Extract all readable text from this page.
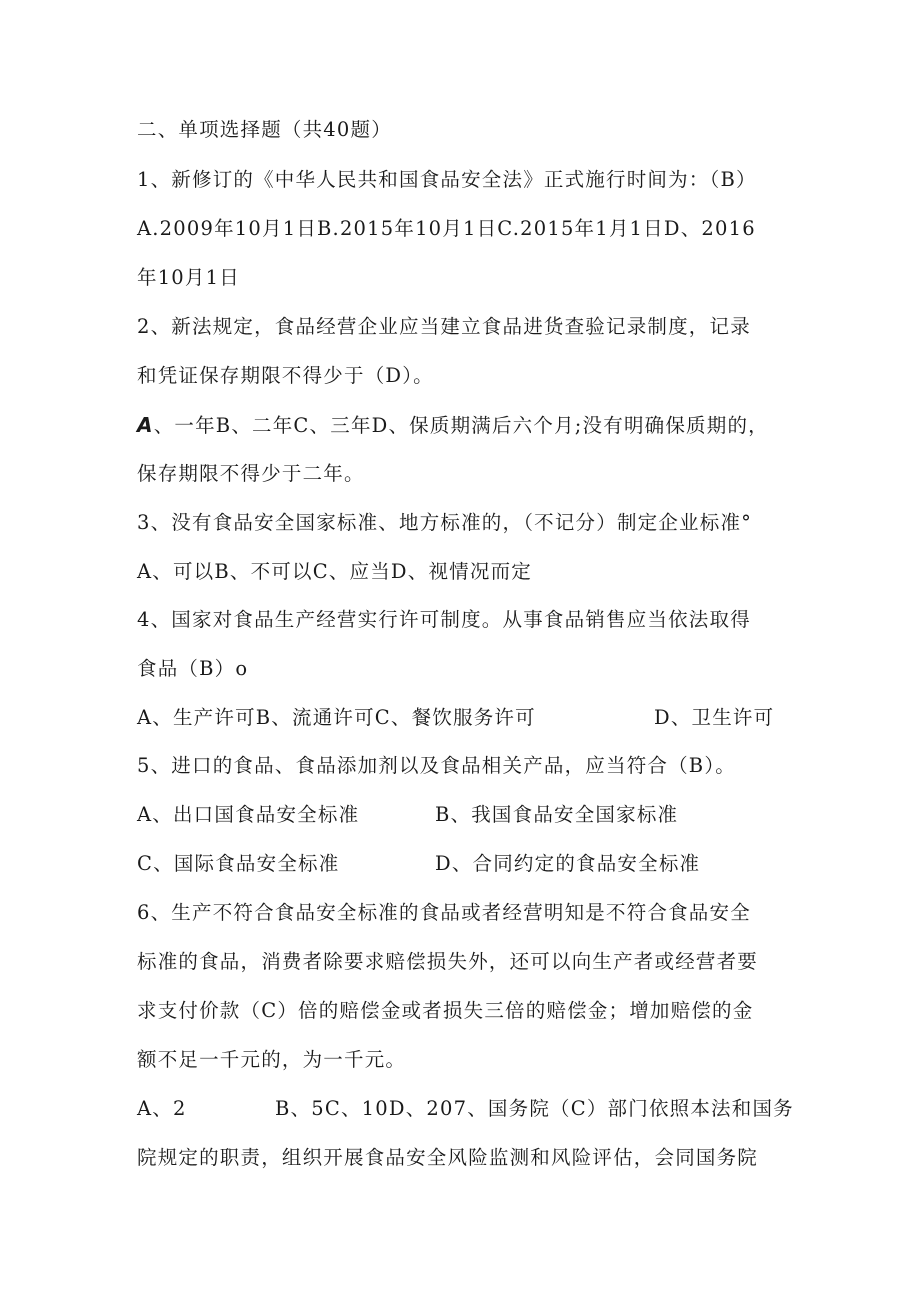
二、单项选择题（共40题）
1、新修订的《中华人民共和国食品安全法》正式施行时间为：（B）
A.2009年10月1日B.2015年10月1日C.2015年1月1日D、2016
年10月1日
2、新法规定，食品经营企业应当建立食品进货查验记录制度，记录
和凭证保存期限不得少于（D）。
A、一年B、二年C、三年D、保质期满后六个月;没有明确保质期的，
保存期限不得少于二年。
3、没有食品安全国家标准、地方标准的，（不记分）制定企业标准°
A、可以B、不可以C、应当D、视情况而定
4、国家对食品生产经营实行许可制度。从事食品销售应当依法取得
食品（B）o
A、生产许可B、流通许可C、餐饮服务许可	D、卫生许可
5、进口的食品、食品添加剂以及食品相关产品，应当符合（B）。
A、出口国食品安全标准	B、我国食品安全国家标准
C、国际食品安全标准	D、合同约定的食品安全标准
6、生产不符合食品安全标准的食品或者经营明知是不符合食品安全
标准的食品，消费者除要求赔偿损失外，还可以向生产者或经营者要
求支付价款（C）倍的赔偿金或者损失三倍的赔偿金；增加赔偿的金
额不足一千元的，为一千元。
A、2	B、5C、10D、207、国务院（C）部门依照本法和国务
院规定的职责，组织开展食品安全风险监测和风险评估，会同国务院
